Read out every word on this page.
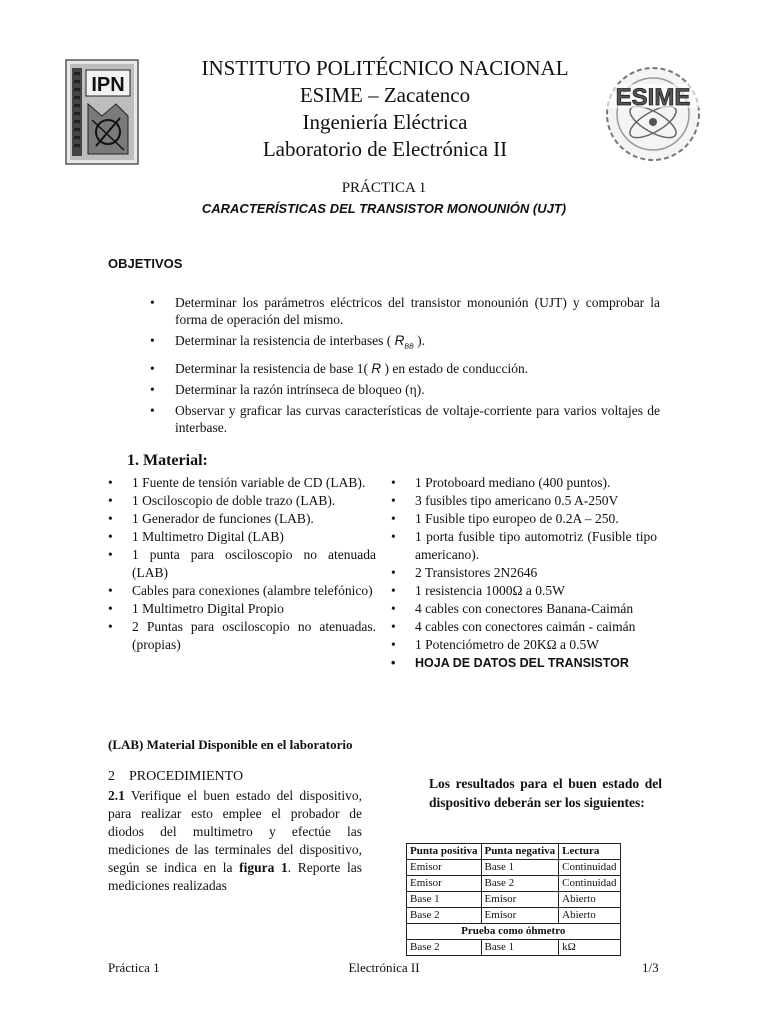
IPN	ESIME
INSTITUTO POLITÉCNICO NACIONAL
ESIME – Zacatenco
Ingeniería Eléctrica
Laboratorio de Electrónica II
PRÁCTICA 1
CARACTERÍSTICAS DEL TRANSISTOR MONOUNIÓN (UJT)
OBJETIVOS
• Determinar los parámetros eléctricos del transistor monounión (UJT) y comprobar la forma de operación del mismo.
• Determinar la resistencia de interbases ( $R_{BB}$ ).
• Determinar la resistencia de base 1( R ) en estado de conducción.
• Determinar la razón intrínseca de bloqueo (η).
• Observar y graficar las curvas características de voltaje-corriente para varios voltajes de interbase.
1. Material:
• 1 Fuente de tensión variable de CD (LAB).
• 1 Osciloscopio de doble trazo (LAB).
• 1 Generador de funciones (LAB).
• 1 Multimetro Digital (LAB)
• 1 punta para osciloscopio no atenuada (LAB)
• Cables para conexiones (alambre telefónico)
• 1 Multimetro Digital Propio
• 2 Puntas para osciloscopio no atenuadas. (propias)
• 1 Protoboard mediano (400 puntos).
• 3 fusibles tipo americano 0.5 A-250V
• 1 Fusible tipo europeo de 0.2A – 250.
• 1 porta fusible tipo automotriz (Fusible tipo americano).
• 2 Transistores 2N2646
• 1 resistencia 1000Ω a 0.5W
• 4 cables con conectores Banana-Caimán
• 4 cables con conectores caimán - caimán
• 1 Potenciómetro de 20KΩ a 0.5W
• HOJA DE DATOS DEL TRANSISTOR
(LAB) Material Disponible en el laboratorio
2    PROCEDIMIENTO
2.1 Verifique el buen estado del dispositivo, para realizar esto emplee el probador de diodos del multimetro y efectúe las mediciones de las terminales del dispositivo, según se indica en la figura 1. Reporte las mediciones realizadas
Los resultados para el buen estado del dispositivo deberán ser los siguientes:
Punta positiva	Punta negativa	Lectura
Emisor	Base 1	Continuidad
Emisor	Base 2	Continuidad
Base 1	Emisor	Abierto
Base 2	Emisor	Abierto
Prueba como óhmetro		
Base 2	Base 1	kΩ
Práctica 1	Electrónica II	1/3
